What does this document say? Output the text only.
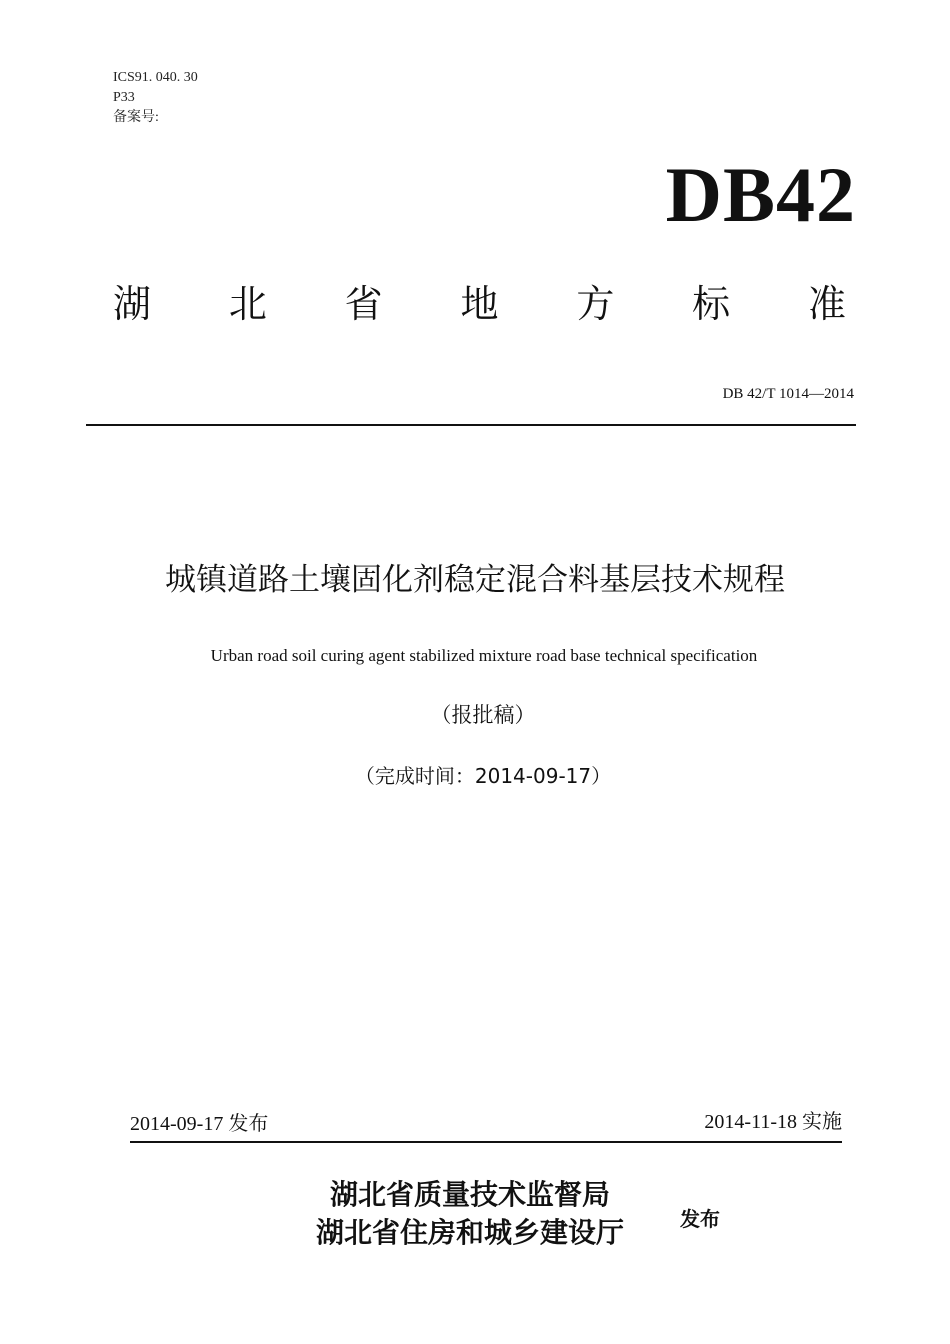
ICS91. 040. 30
P33
备案号:
DB42
湖 北 省 地 方 标 准
DB 42/T 1014—2014
城镇道路土壤固化剂稳定混合料基层技术规程
Urban road soil curing agent stabilized mixture road base technical specification
（报批稿）
（完成时间：2014-09-17）
2014-09-17 发布	2014-11-18 实施
湖北省质量技术监督局
湖北省住房和城乡建设厅	发布
